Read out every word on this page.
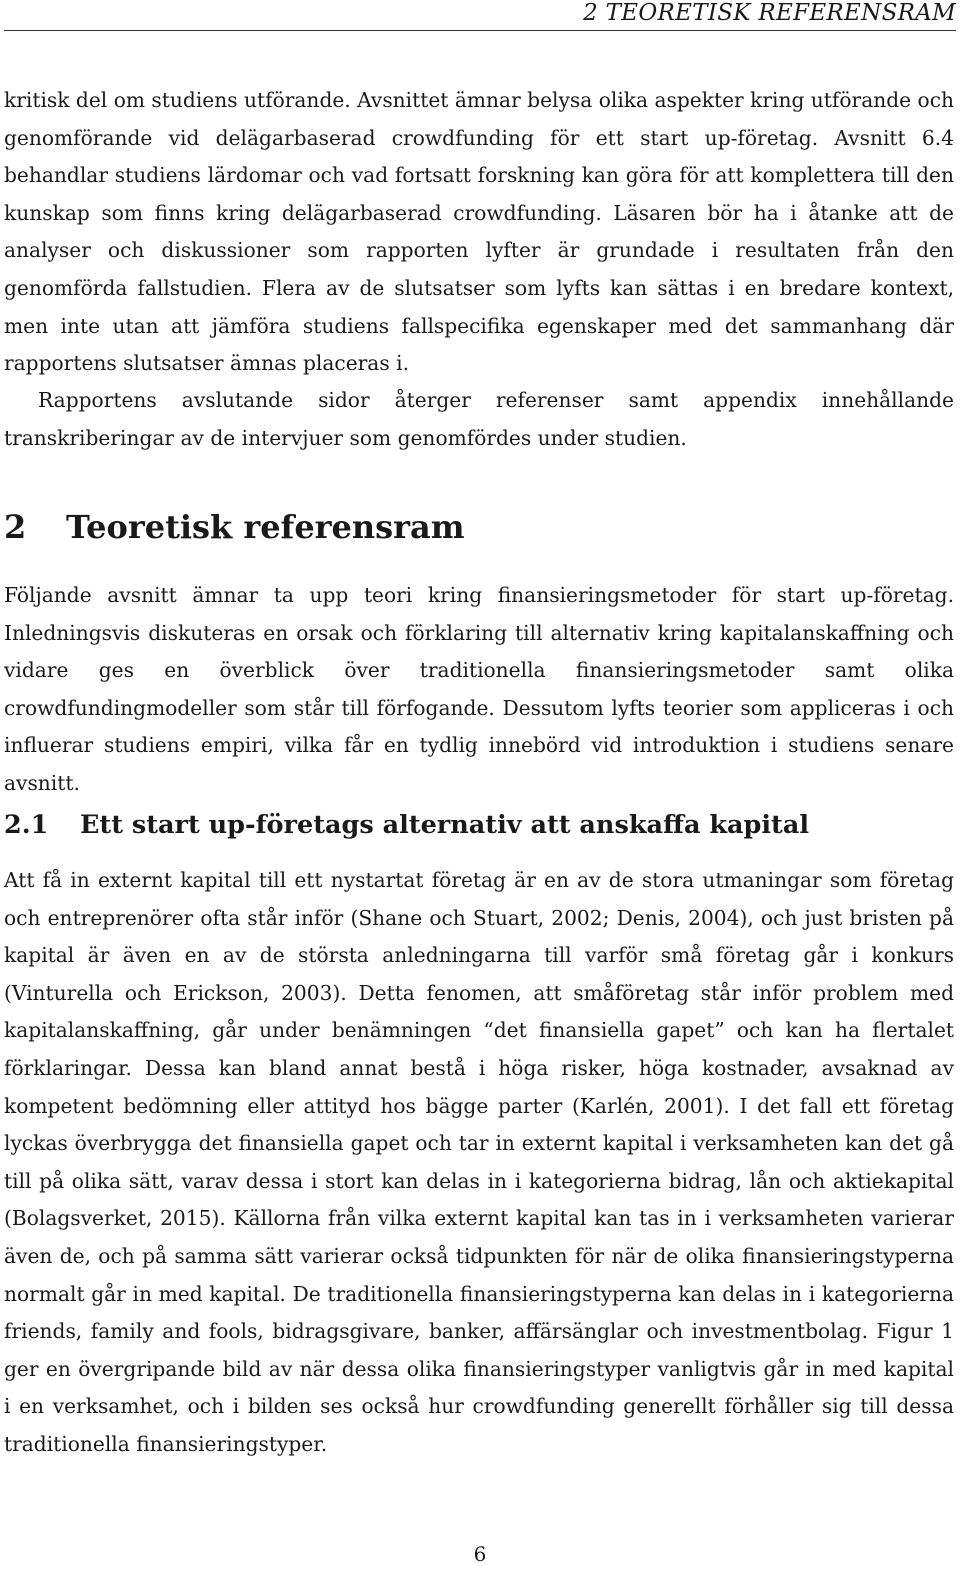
2 TEORETISK REFERENSRAM

kritisk del om studiens utförande. Avsnittet ämnar belysa olika aspekter kring utförande och genomförande vid delägarbaserad crowdfunding för ett start up-företag. Avsnitt 6.4 behandlar studiens lärdomar och vad fortsatt forskning kan göra för att komplettera till den kunskap som finns kring delägarbaserad crowdfunding. Läsaren bör ha i åtanke att de analyser och diskussioner som rapporten lyfter är grundade i resultaten från den genomförda fallstudien. Flera av de slutsatser som lyfts kan sättas i en bredare kontext, men inte utan att jämföra studiens fallspecifika egenskaper med det sammanhang där rapportens slutsatser ämnas placeras i.

Rapportens avslutande sidor återger referenser samt appendix innehållande transkriberingar av de intervjuer som genomfördes under studien.

2 Teoretisk referensram

Följande avsnitt ämnar ta upp teori kring finansieringsmetoder för start up-företag. Inledningsvis diskuteras en orsak och förklaring till alternativ kring kapitalanskaffning och vidare ges en överblick över traditionella finansieringsmetoder samt olika crowdfundingmodeller som står till förfogande. Dessutom lyfts teorier som appliceras i och influerar studiens empiri, vilka får en tydlig innebörd vid introduktion i studiens senare avsnitt.

2.1 Ett start up-företags alternativ att anskaffa kapital

Att få in externt kapital till ett nystartat företag är en av de stora utmaningar som företag och entreprenörer ofta står inför (Shane och Stuart, 2002; Denis, 2004), och just bristen på kapital är även en av de största anledningarna till varför små företag går i konkurs (Vinturella och Erickson, 2003). Detta fenomen, att småföretag står inför problem med kapitalanskaffning, går under benämningen “det finansiella gapet” och kan ha flertalet förklaringar. Dessa kan bland annat bestå i höga risker, höga kostnader, avsaknad av kompetent bedömning eller attityd hos bägge parter (Karlén, 2001). I det fall ett företag lyckas överbrygga det finansiella gapet och tar in externt kapital i verksamheten kan det gå till på olika sätt, varav dessa i stort kan delas in i kategorierna bidrag, lån och aktiekapital (Bolagsverket, 2015). Källorna från vilka externt kapital kan tas in i verksamheten varierar även de, och på samma sätt varierar också tidpunkten för när de olika finansieringstyperna normalt går in med kapital. De traditionella finansieringstyperna kan delas in i kategorierna friends, family and fools, bidragsgivare, banker, affärsänglar och investmentbolag. Figur 1 ger en övergripande bild av när dessa olika finansieringstyper vanligtvis går in med kapital i en verksamhet, och i bilden ses också hur crowdfunding generellt förhåller sig till dessa traditionella finansieringstyper.

6
